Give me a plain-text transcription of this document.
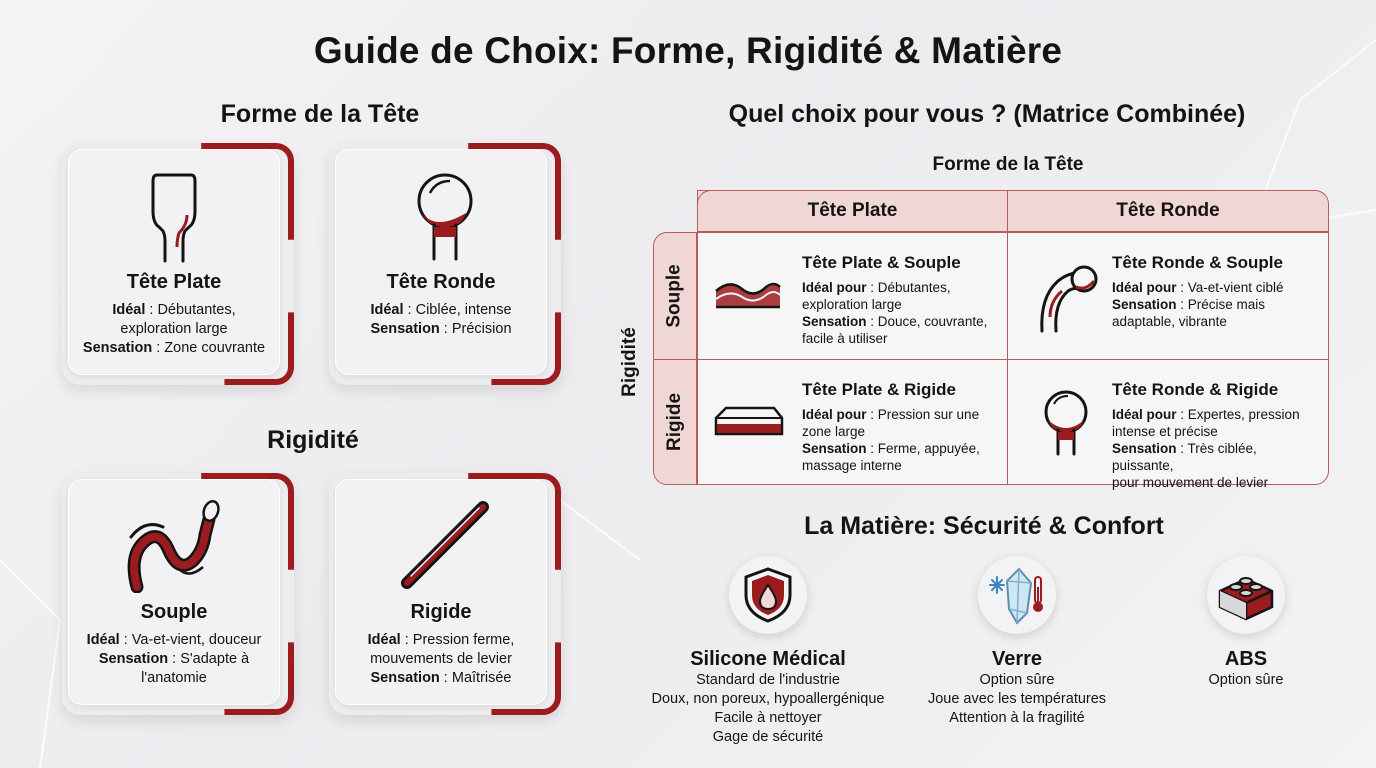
Guide de Choix: Forme, Rigidité & Matière
Forme de la Tête
Tête Plate
Idéal : Débutantes,
exploration large
Sensation : Zone couvrante
Tête Ronde
Idéal : Ciblée, intense
Sensation : Précision
Rigidité
Souple
Idéal : Va-et-vient, douceur
Sensation : S'adapte à
l'anatomie
Rigide
Idéal : Pression ferme,
mouvements de levier
Sensation : Maîtrisée
Quel choix pour vous ? (Matrice Combinée)
Forme de la Tête
Rigidité
Tête Plate	Tête Ronde
Souple
Rigide
Tête Plate & Souple
Idéal pour : Débutantes,
exploration large
Sensation : Douce, couvrante,
facile à utiliser
Tête Ronde & Souple
Idéal pour : Va-et-vient ciblé
Sensation : Précise mais
adaptable, vibrante
Tête Plate & Rigide
Idéal pour : Pression sur une
zone large
Sensation : Ferme, appuyée,
massage interne
Tête Ronde & Rigide
Idéal pour : Expertes, pression
intense et précise
Sensation : Très ciblée, puissante,
pour mouvement de levier
La Matière: Sécurité & Confort
Silicone Médical
Standard de l'industrie
Doux, non poreux, hypoallergénique
Facile à nettoyer
Gage de sécurité
Verre
Option sûre
Joue avec les températures
Attention à la fragilité
ABS
Option sûre
